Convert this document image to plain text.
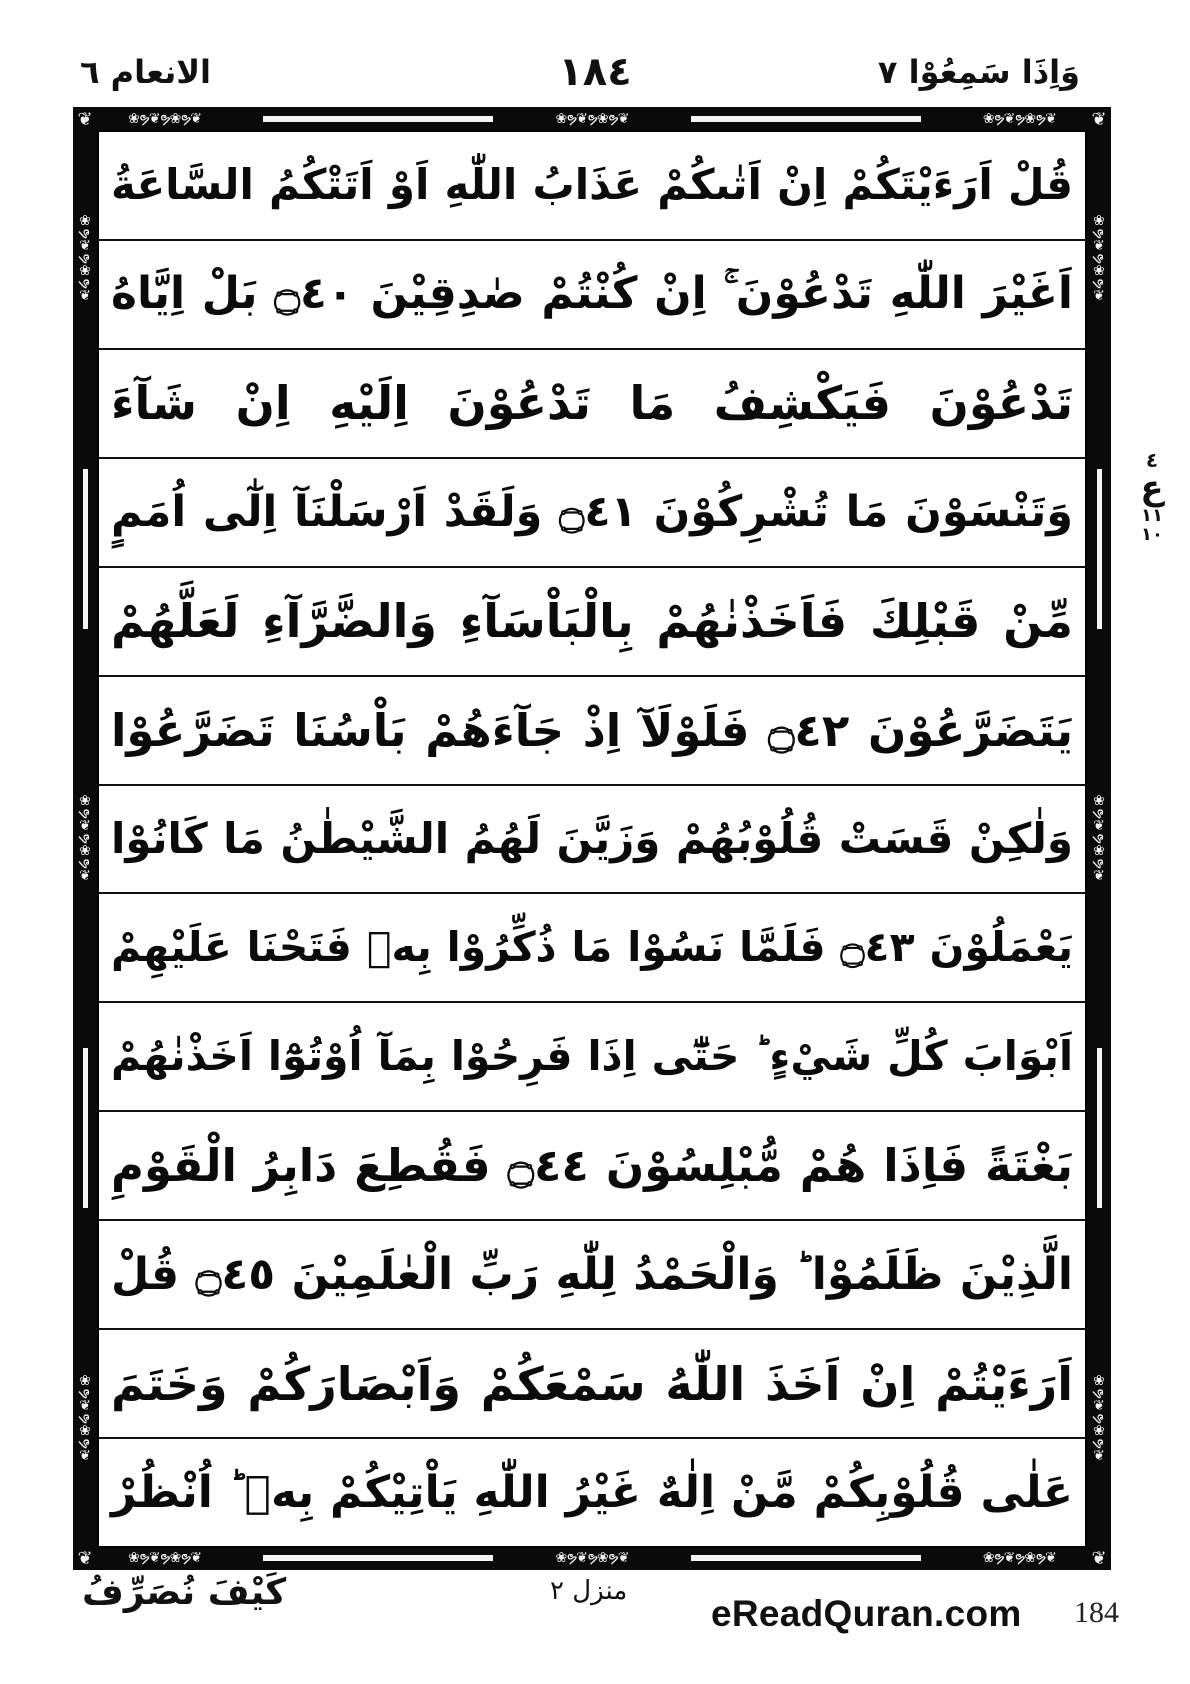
الانعام ٦	١٨٤	وَاِذَا سَمِعُوْا ٧
❦	❦
❦	❦
❀ຯ❦ຯ❀ຯ❦	❀ຯ❦ຯ❀ຯ❦	❀ຯ❦ຯ❀ຯ❦
❀ຯ❦ຯ❀ຯ❦	❀ຯ❦ຯ❀ຯ❦	❀ຯ❦ຯ❀ຯ❦
❀ຯ❦ຯ❀ຯ❦
❀ຯ❦ຯ❀ຯ❦
❀ຯ❦ຯ❀ຯ❦
❀ຯ❦ຯ❀ຯ❦
❀ຯ❦ຯ❀ຯ❦
❀ຯ❦ຯ❀ຯ❦
قُلْ اَرَءَيْتَكُمْ اِنْ اَتٰىكُمْ عَذَابُ اللّٰهِ اَوْ اَتَتْكُمُ السَّاعَةُ
اَغَيْرَ اللّٰهِ تَدْعُوْنَ ۚ اِنْ كُنْتُمْ صٰدِقِيْنَ ۝٤٠ بَلْ اِيَّاهُ
تَدْعُوْنَ فَيَكْشِفُ مَا تَدْعُوْنَ اِلَيْهِ اِنْ شَآءَ
وَتَنْسَوْنَ مَا تُشْرِكُوْنَ ۝٤١ وَلَقَدْ اَرْسَلْنَآ اِلٰٓى اُمَمٍ
مِّنْ قَبْلِكَ فَاَخَذْنٰهُمْ بِالْبَاْسَآءِ وَالضَّرَّآءِ لَعَلَّهُمْ
يَتَضَرَّعُوْنَ ۝٤٢ فَلَوْلَآ اِذْ جَآءَهُمْ بَاْسُنَا تَضَرَّعُوْا
وَلٰكِنْ قَسَتْ قُلُوْبُهُمْ وَزَيَّنَ لَهُمُ الشَّيْطٰنُ مَا كَانُوْا
يَعْمَلُوْنَ ۝٤٣ فَلَمَّا نَسُوْا مَا ذُكِّرُوْا بِهٖ فَتَحْنَا عَلَيْهِمْ
اَبْوَابَ كُلِّ شَيْءٍ ؕ حَتّٰٓى اِذَا فَرِحُوْا بِمَآ اُوْتُوْٓا اَخَذْنٰهُمْ
بَغْتَةً فَاِذَا هُمْ مُّبْلِسُوْنَ ۝٤٤ فَقُطِعَ دَابِرُ الْقَوْمِ
الَّذِيْنَ ظَلَمُوْا ؕ وَالْحَمْدُ لِلّٰهِ رَبِّ الْعٰلَمِيْنَ ۝٤٥ قُلْ
اَرَءَيْتُمْ اِنْ اَخَذَ اللّٰهُ سَمْعَكُمْ وَاَبْصَارَكُمْ وَخَتَمَ
عَلٰى قُلُوْبِكُمْ مَّنْ اِلٰهٌ غَيْرُ اللّٰهِ يَاْتِيْكُمْ بِهٖ ؕ اُنْظُرْ
٤
ع
١١
١٠
كَيْفَ نُصَرِّفُ	منزل ٢
eReadQuran.com 184
